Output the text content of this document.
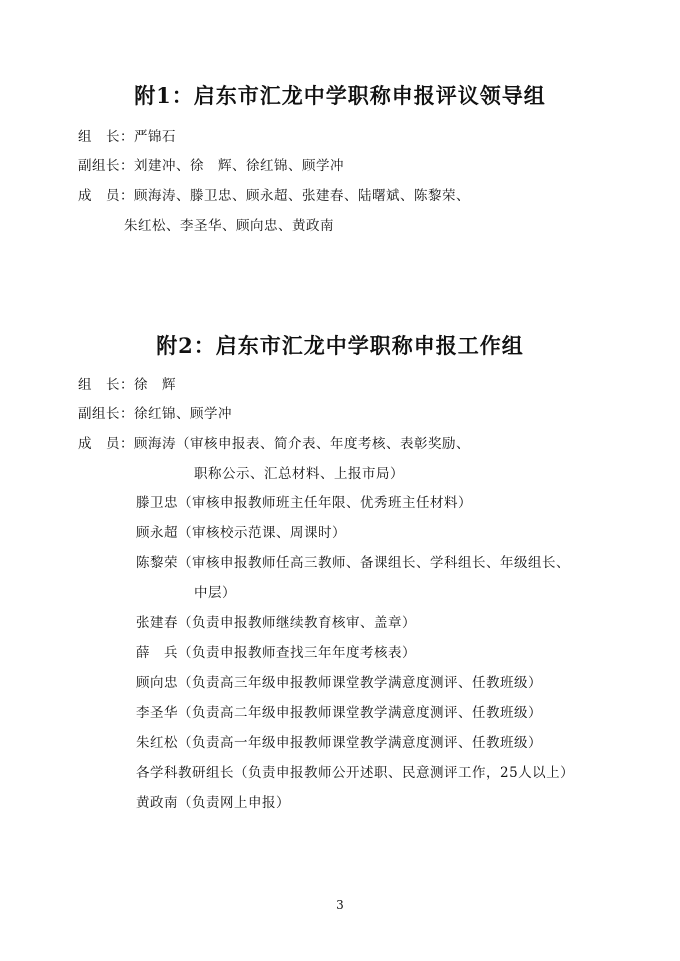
附1：启东市汇龙中学职称申报评议领导组
组　长：严锦石
副组长：刘建冲、徐　辉、徐红锦、顾学冲
成　员：顾海涛、滕卫忠、顾永超、张建春、陆曙斌、陈黎荣、
朱红松、李圣华、顾向忠、黄政南
附2：启东市汇龙中学职称申报工作组
组　长：徐　辉
副组长：徐红锦、顾学冲
成　员：顾海涛（审核申报表、简介表、年度考核、表彰奖励、
职称公示、汇总材料、上报市局）
滕卫忠（审核申报教师班主任年限、优秀班主任材料）
顾永超（审核校示范课、周课时）
陈黎荣（审核申报教师任高三教师、备课组长、学科组长、年级组长、
中层）
张建春（负责申报教师继续教育核审、盖章）
薛　兵（负责申报教师查找三年年度考核表）
顾向忠（负责高三年级申报教师课堂教学满意度测评、任教班级）
李圣华（负责高二年级申报教师课堂教学满意度测评、任教班级）
朱红松（负责高一年级申报教师课堂教学满意度测评、任教班级）
各学科教研组长（负责申报教师公开述职、民意测评工作，25人以上）
黄政南（负责网上申报）
3
